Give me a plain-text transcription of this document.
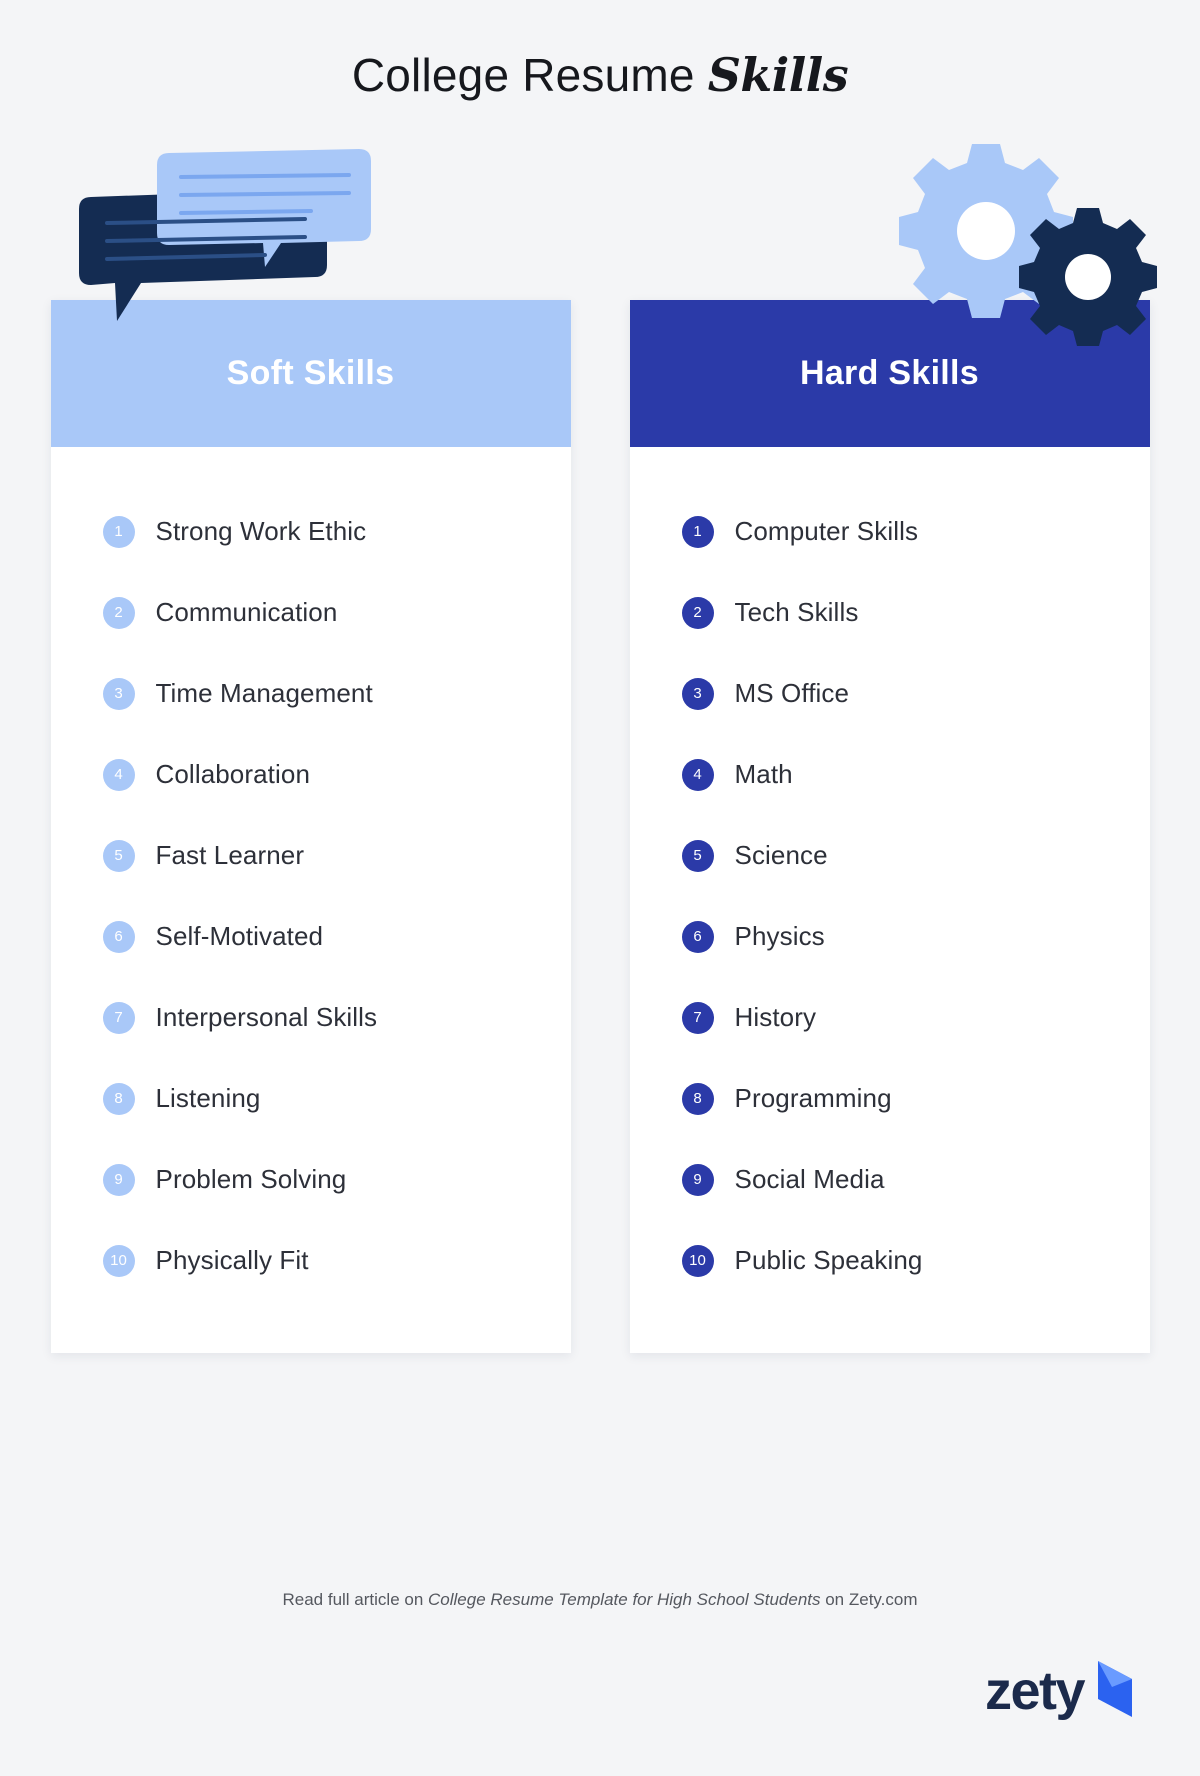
College Resume Skills
Soft Skills
1	Strong Work Ethic
2	Communication
3	Time Management
4	Collaboration
5	Fast Learner
6	Self-Motivated
7	Interpersonal Skills
8	Listening
9	Problem Solving
10 Physically Fit
Hard Skills
1	Computer Skills
2	Tech Skills
3	MS Office
4	Math
5	Science
6	Physics
7	History
8	Programming
9	Social Media
10 Public Speaking
Read full article on College Resume Template for High School Students on Zety.com
zety
